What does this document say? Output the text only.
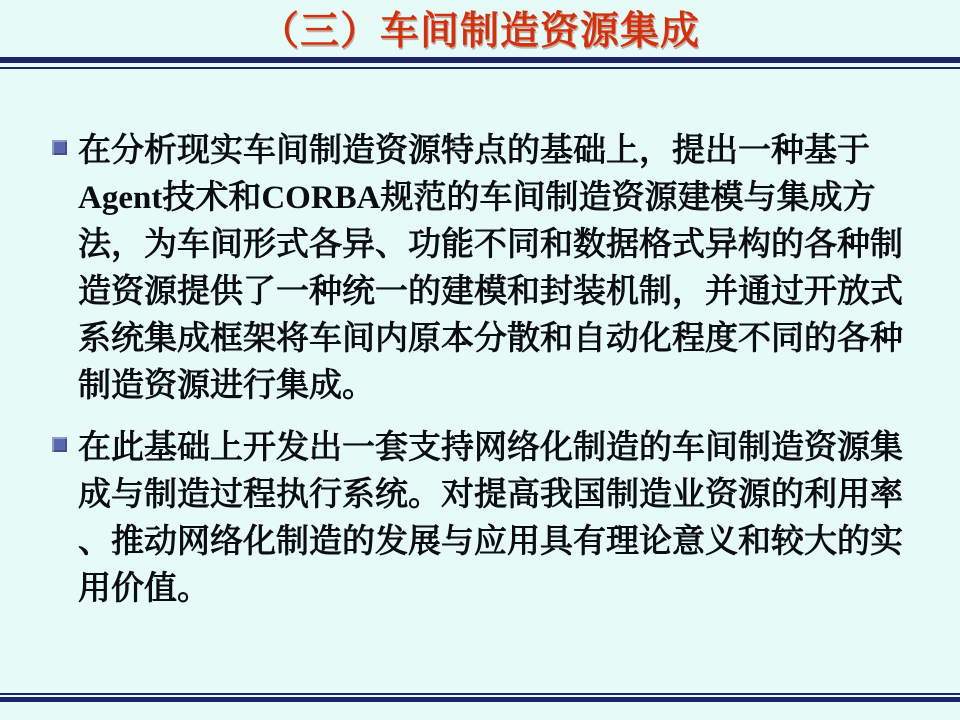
（三）车间制造资源集成
在分析现实车间制造资源特点的基础上，提出一种基于
Agent技术和CORBA规范的车间制造资源建模与集成方
法，为车间形式各异、功能不同和数据格式异构的各种制
造资源提供了一种统一的建模和封装机制，并通过开放式
系统集成框架将车间内原本分散和自动化程度不同的各种
制造资源进行集成。
在此基础上开发出一套支持网络化制造的车间制造资源集
成与制造过程执行系统。对提高我国制造业资源的利用率
、推动网络化制造的发展与应用具有理论意义和较大的实
用价值。
